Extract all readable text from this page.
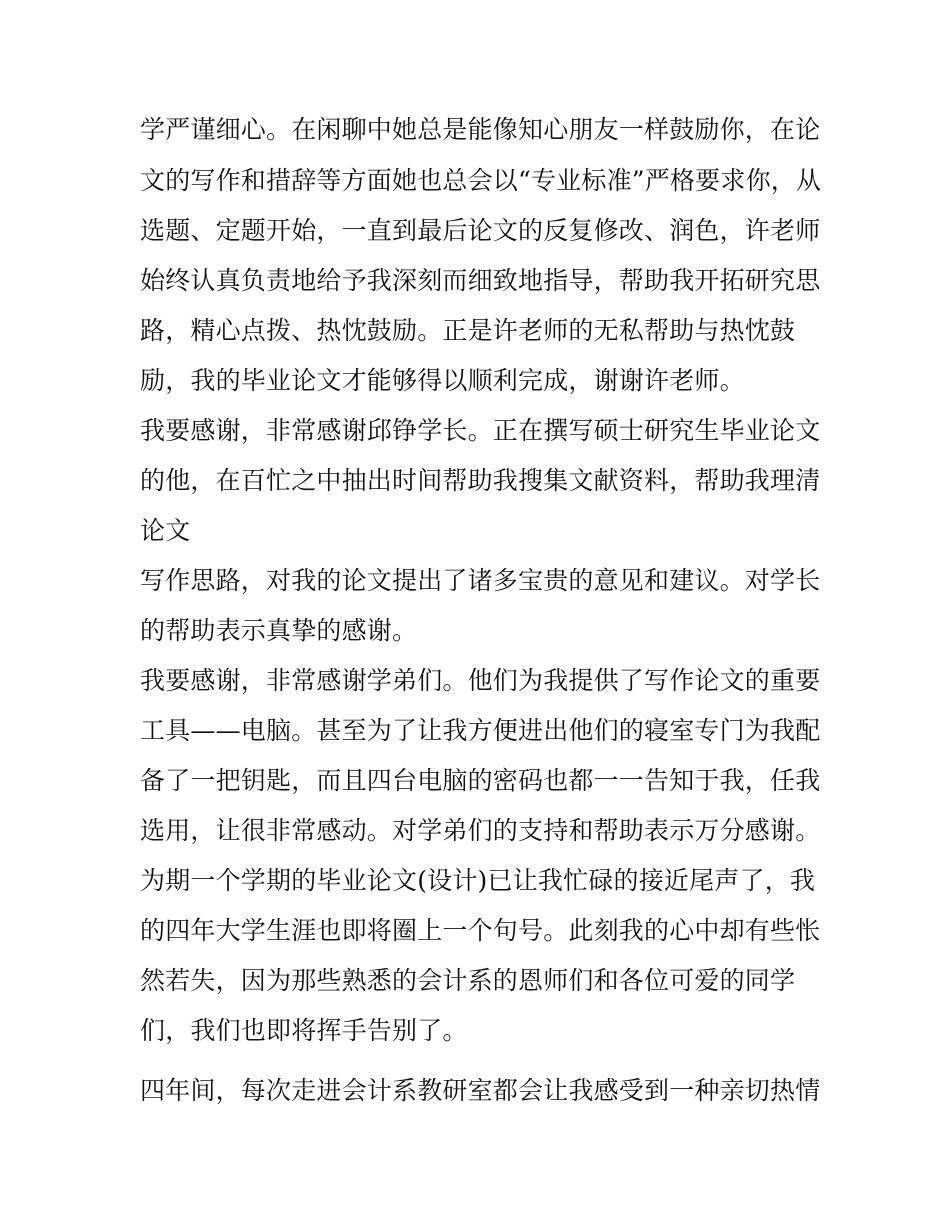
学严谨细心。在闲聊中她总是能像知心朋友一样鼓励你，在论
文的写作和措辞等方面她也总会以“专业标准”严格要求你，从
选题、定题开始，一直到最后论文的反复修改、润色，许老师
始终认真负责地给予我深刻而细致地指导，帮助我开拓研究思
路，精心点拨、热忱鼓励。正是许老师的无私帮助与热忱鼓
励，我的毕业论文才能够得以顺利完成，谢谢许老师。
我要感谢，非常感谢邱铮学长。正在撰写硕士研究生毕业论文
的他，在百忙之中抽出时间帮助我搜集文献资料，帮助我理清
论文
写作思路，对我的论文提出了诸多宝贵的意见和建议。对学长
的帮助表示真挚的感谢。
我要感谢，非常感谢学弟们。他们为我提供了写作论文的重要
工具——电脑。甚至为了让我方便进出他们的寝室专门为我配
备了一把钥匙，而且四台电脑的密码也都一一告知于我，任我
选用，让很非常感动。对学弟们的支持和帮助表示万分感谢。
为期一个学期的毕业论文(设计)已让我忙碌的接近尾声了，我
的四年大学生涯也即将圈上一个句号。此刻我的心中却有些怅
然若失，因为那些熟悉的会计系的恩师们和各位可爱的同学
们，我们也即将挥手告别了。
四年间，每次走进会计系教研室都会让我感受到一种亲切热情
